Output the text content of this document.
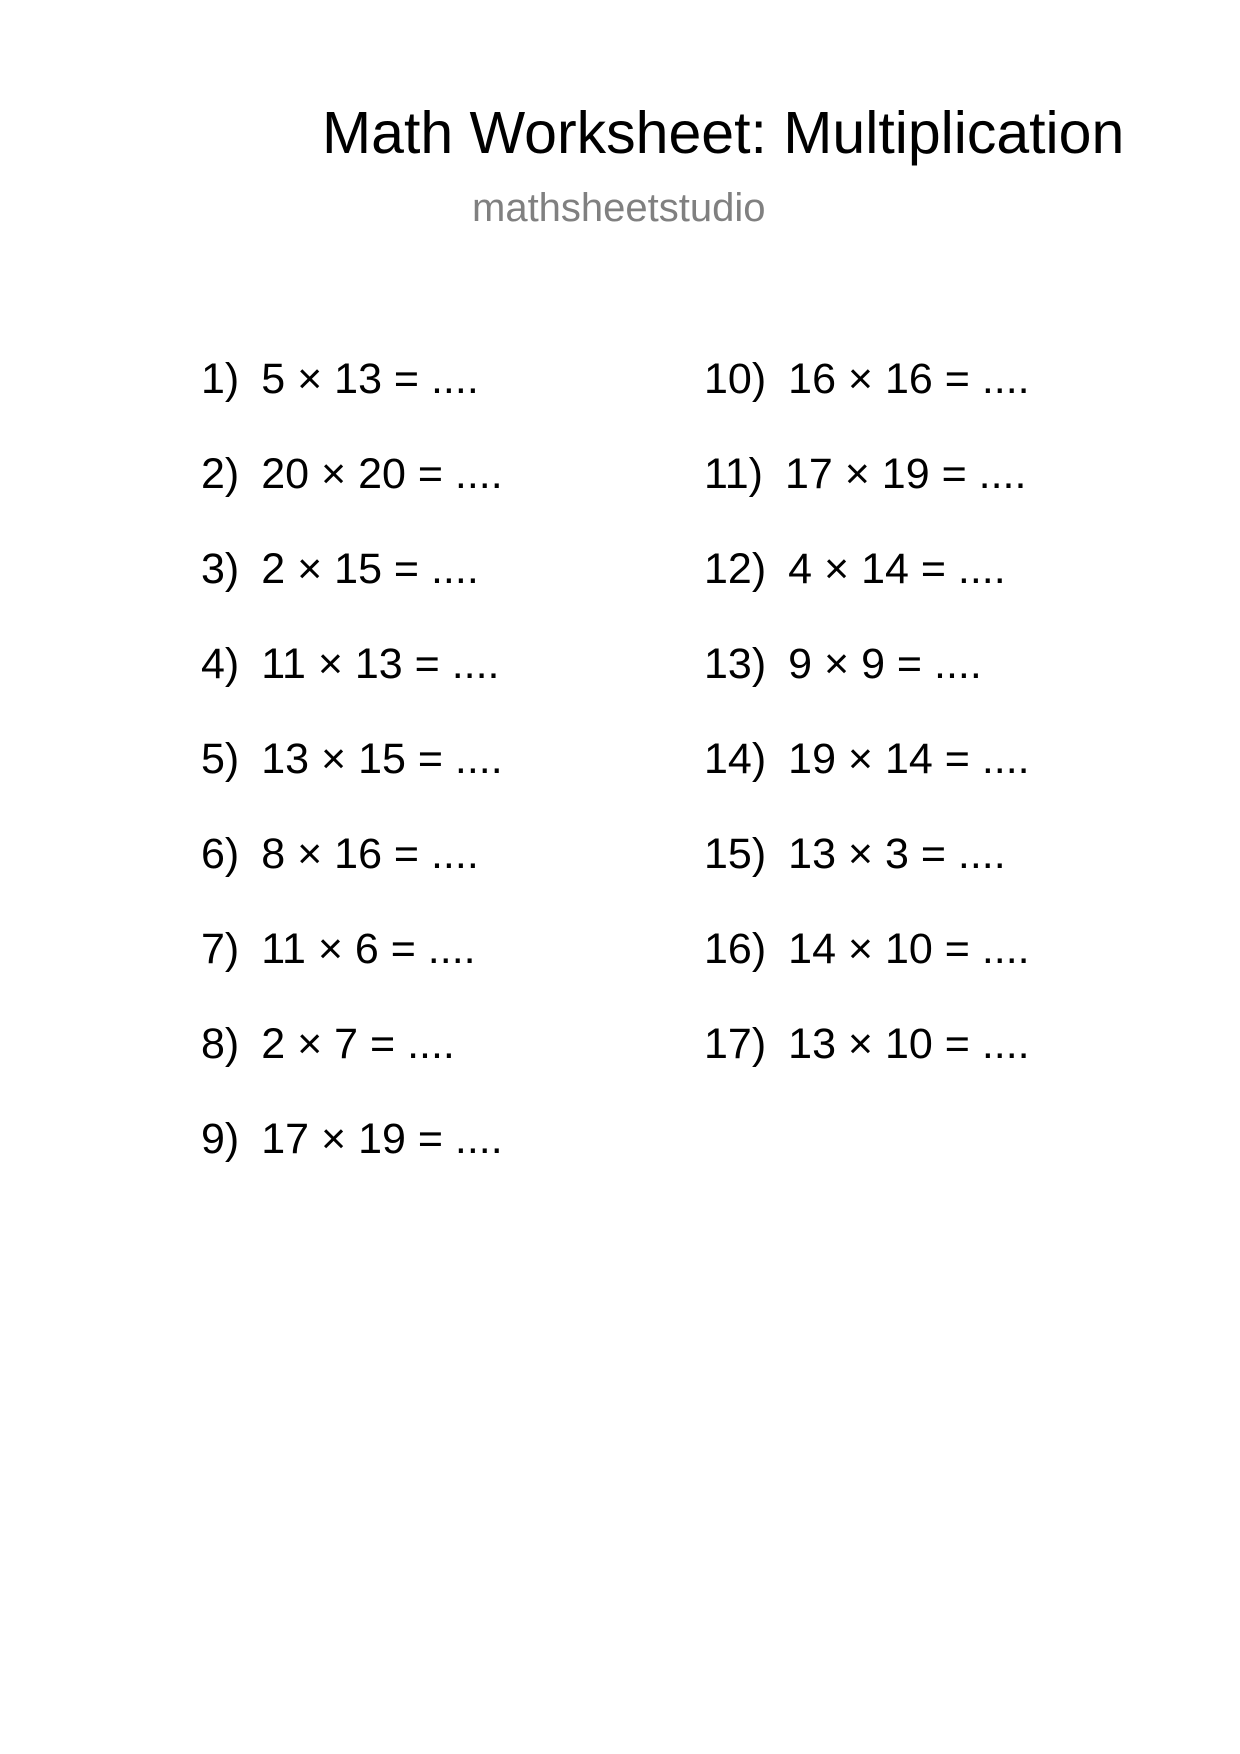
Math Worksheet: Multiplication
mathsheetstudio
1) 5 × 13 = ....
2) 20 × 20 = ....
3) 2 × 15 = ....
4) 11 × 13 = ....
5) 13 × 15 = ....
6) 8 × 16 = ....
7) 11 × 6 = ....
8) 2 × 7 = ....
9) 17 × 19 = ....
10) 16 × 16 = ....
11) 17 × 19 = ....
12) 4 × 14 = ....
13) 9 × 9 = ....
14) 19 × 14 = ....
15) 13 × 3 = ....
16) 14 × 10 = ....
17) 13 × 10 = ....
